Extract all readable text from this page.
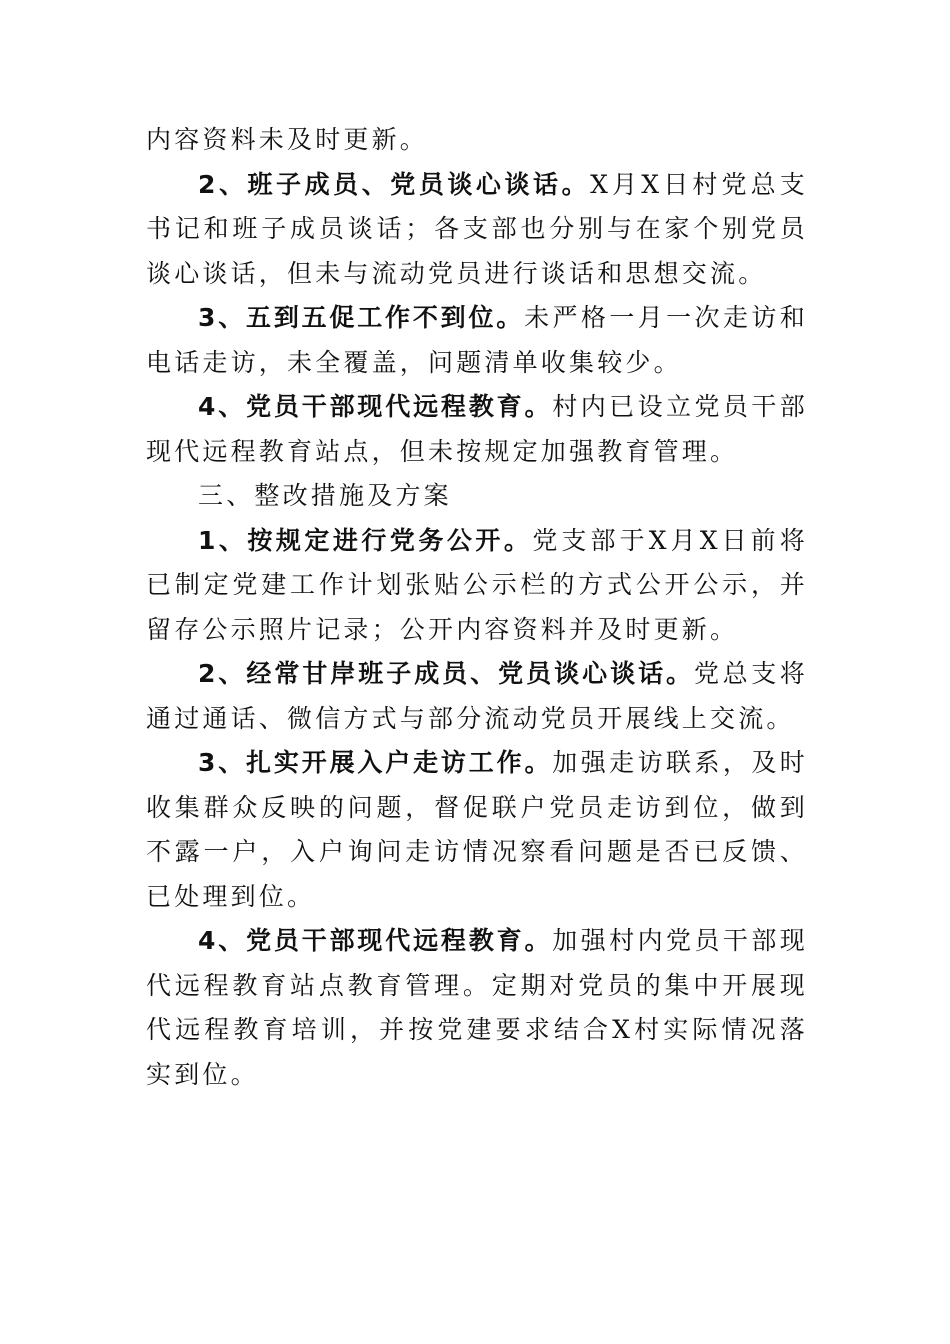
内容资料未及时更新。

2、班子成员、党员谈心谈话。X月X日村党总支书记和班子成员谈话；各支部也分别与在家个别党员谈心谈话，但未与流动党员进行谈话和思想交流。

3、五到五促工作不到位。未严格一月一次走访和电话走访，未全覆盖，问题清单收集较少。

4、党员干部现代远程教育。村内已设立党员干部现代远程教育站点，但未按规定加强教育管理。

三、整改措施及方案

1、按规定进行党务公开。党支部于X月X日前将已制定党建工作计划张贴公示栏的方式公开公示，并留存公示照片记录；公开内容资料并及时更新。

2、经常甘岸班子成员、党员谈心谈话。党总支将通过通话、微信方式与部分流动党员开展线上交流。

3、扎实开展入户走访工作。加强走访联系，及时收集群众反映的问题，督促联户党员走访到位，做到不露一户，入户询问走访情况察看问题是否已反馈、已处理到位。

4、党员干部现代远程教育。加强村内党员干部现代远程教育站点教育管理。定期对党员的集中开展现代远程教育培训，并按党建要求结合X村实际情况落实到位。
